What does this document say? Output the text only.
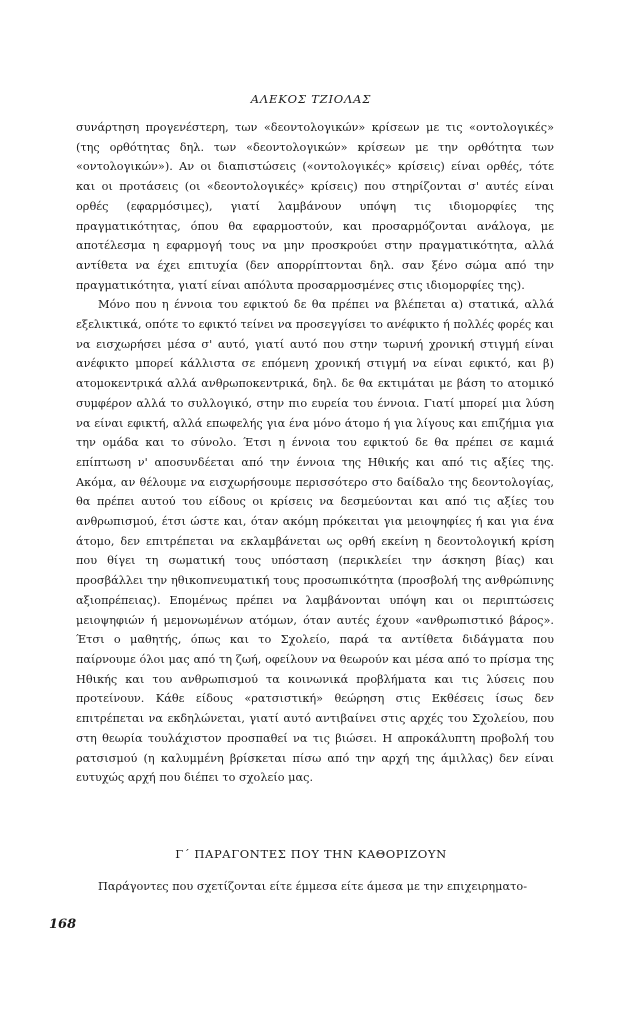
ΑΛΕΚΟΣ ΤΖΙΟΛΑΣ

συνάρτηση προγενέστερη, των «δεοντολογικών» κρίσεων με τις «οντολογικές» (της ορθότητας δηλ. των «δεοντολογικών» κρίσεων με την ορθότητα των «οντολογικών»). Αν οι διαπιστώσεις («οντολογικές» κρίσεις) είναι ορθές, τότε και οι προτάσεις (οι «δεοντολογικές» κρίσεις) που στηρίζονται σ' αυτές είναι ορθές (εφαρμόσιμες), γιατί λαμβάνουν υπόψη τις ιδιομορφίες της πραγματικότητας, όπου θα εφαρμοστούν, και προσαρμόζονται ανάλογα, με αποτέλεσμα η εφαρμογή τους να μην προσκρούει στην πραγματικότητα, αλλά αντίθετα να έχει επιτυχία (δεν απορρίπτονται δηλ. σαν ξένο σώμα από την πραγματικότητα, γιατί είναι απόλυτα προσαρμοσμένες στις ιδιομορφίες της).

Μόνο που η έννοια του εφικτού δε θα πρέπει να βλέπεται α) στατικά, αλλά εξελικτικά, οπότε το εφικτό τείνει να προσεγγίσει το ανέφικτο ή πολλές φορές και να εισχωρήσει μέσα σ' αυτό, γιατί αυτό που στην τωρινή χρονική στιγμή είναι ανέφικτο μπορεί κάλλιστα σε επόμενη χρονική στιγμή να είναι εφικτό, και β) ατομοκεντρικά αλλά ανθρωποκεντρικά, δηλ. δε θα εκτιμάται με βάση το ατομικό συμφέρον αλλά το συλλογικό, στην πιο ευρεία του έννοια. Γιατί μπορεί μια λύση να είναι εφικτή, αλλά επωφελής για ένα μόνο άτομο ή για λίγους και επιζήμια για την ομάδα και το σύνολο. Έτσι η έννοια του εφικτού δε θα πρέπει σε καμιά επίπτωση ν' αποσυνδέεται από την έννοια της Ηθικής και από τις αξίες της. Ακόμα, αν θέλουμε να εισχωρήσουμε περισσότερο στο δαίδαλο της δεοντολογίας, θα πρέπει αυτού του είδους οι κρίσεις να δεσμεύονται και από τις αξίες του ανθρωπισμού, έτσι ώστε και, όταν ακόμη πρόκειται για μειοψηφίες ή και για ένα άτομο, δεν επιτρέπεται να εκλαμβάνεται ως ορθή εκείνη η δεοντολογική κρίση που θίγει τη σωματική τους υπόσταση (περικλείει την άσκηση βίας) και προσβάλλει την ηθικοπνευματική τους προσωπικότητα (προσβολή της ανθρώπινης αξιοπρέπειας). Επομένως πρέπει να λαμβάνονται υπόψη και οι περιπτώσεις μειοψηφιών ή μεμονωμένων ατόμων, όταν αυτές έχουν «ανθρωπιστικό βάρος». Έτσι ο μαθητής, όπως και το Σχολείο, παρά τα αντίθετα διδάγματα που παίρνουμε όλοι μας από τη ζωή, οφείλουν να θεωρούν και μέσα από το πρίσμα της Ηθικής και του ανθρωπισμού τα κοινωνικά προβλήματα και τις λύσεις που προτείνουν. Κάθε είδους «ρατσιστική» θεώρηση στις Εκθέσεις ίσως δεν επιτρέπεται να εκδηλώνεται, γιατί αυτό αντιβαίνει στις αρχές του Σχολείου, που στη θεωρία τουλάχιστον προσπαθεί να τις βιώσει. Η απροκάλυπτη προβολή του ρατσισμού (η καλυμμένη βρίσκεται πίσω από την αρχή της άμιλλας) δεν είναι ευτυχώς αρχή που διέπει το σχολείο μας.

Γ΄ ΠΑΡΑΓΟΝΤΕΣ ΠΟΥ ΤΗΝ ΚΑΘΟΡΙΖΟΥΝ
Παράγοντες που σχετίζονται είτε έμμεσα είτε άμεσα με την επιχειρηματο-
168
